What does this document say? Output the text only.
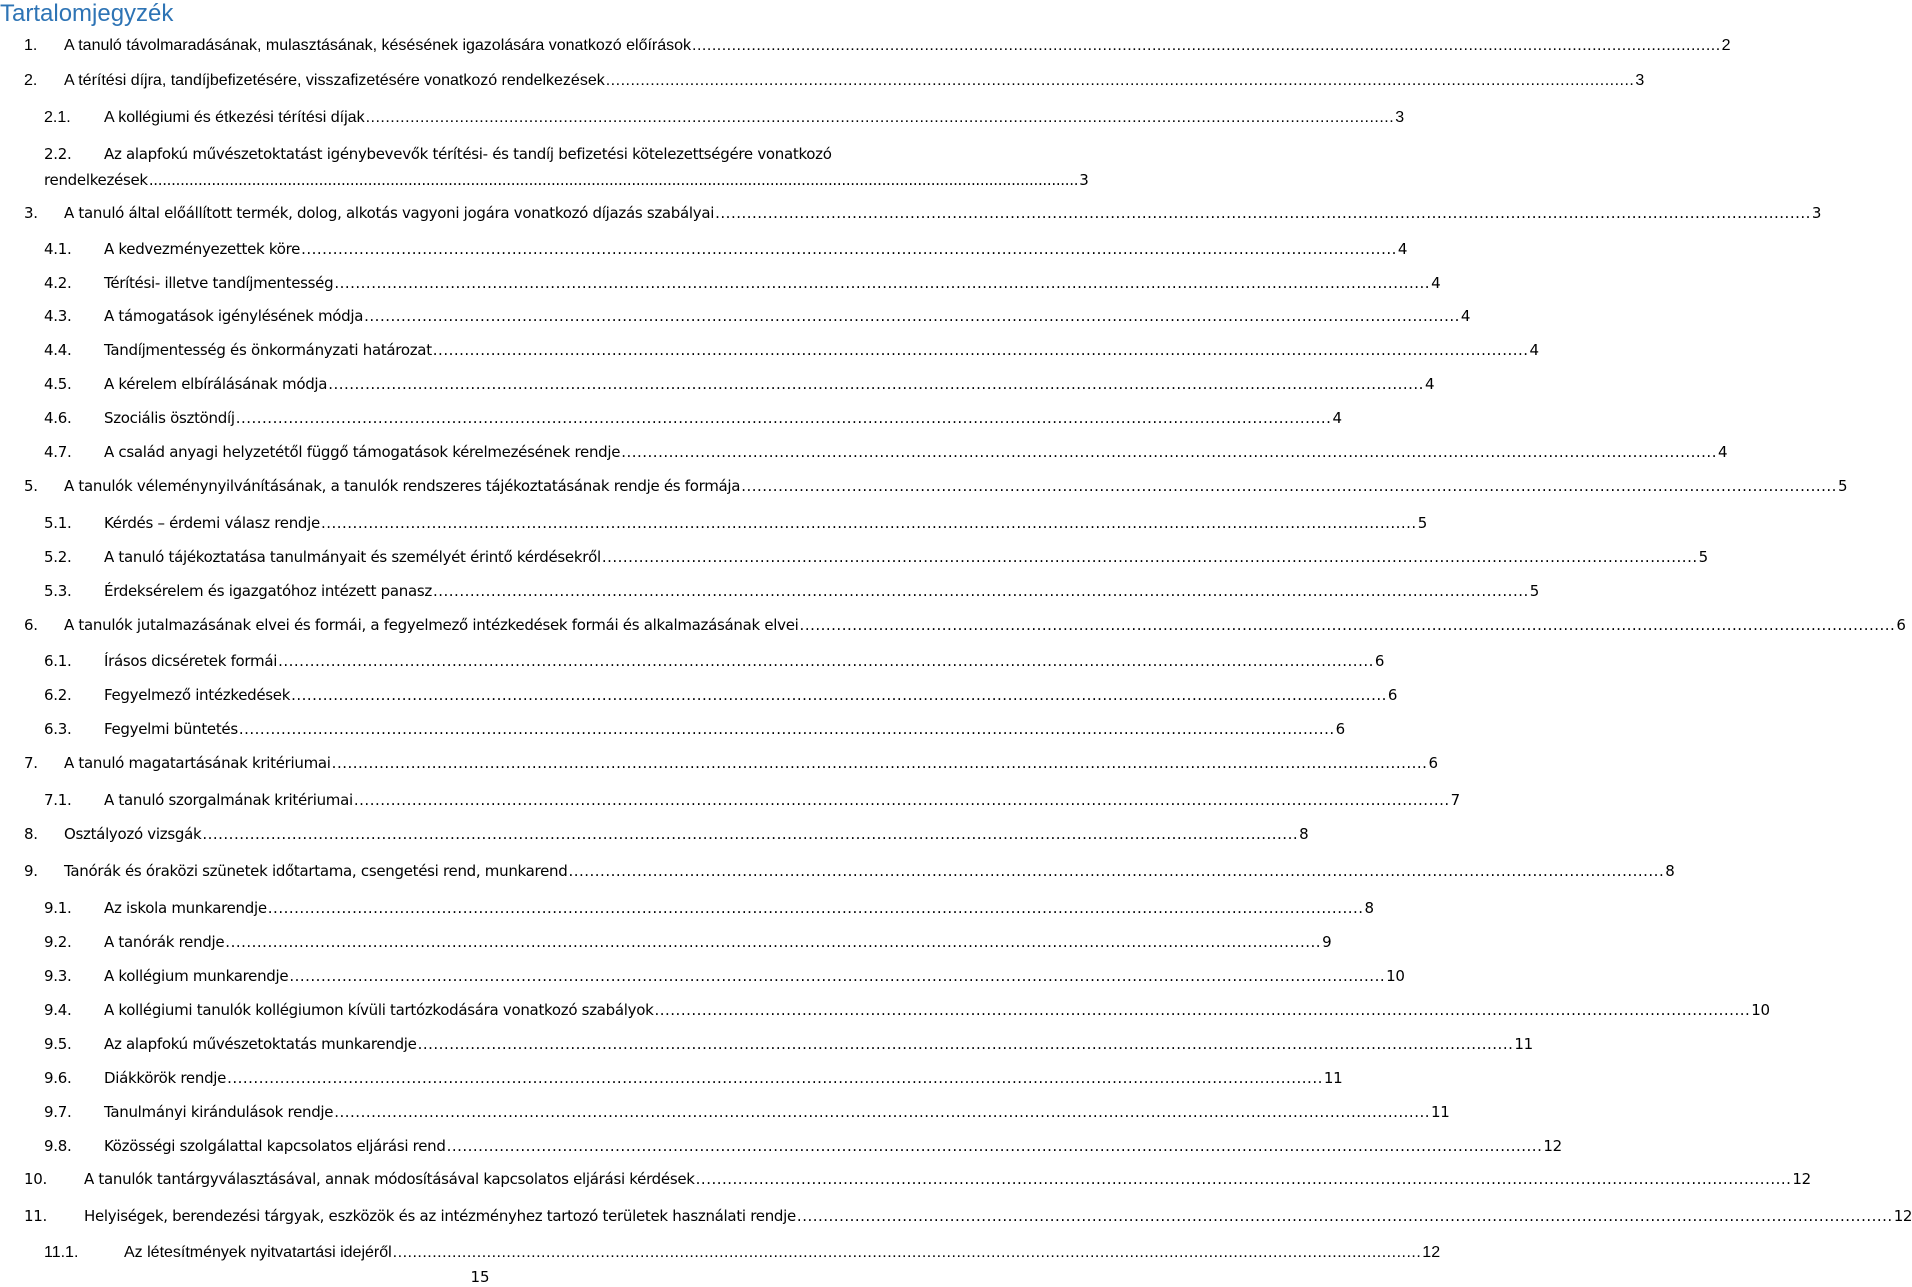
Tartalomjegyzék
1.	A tanuló távolmaradásának, mulasztásának, késésének igazolására vonatkozó előírások ................................................................................................................................................................................................................ 2
2.	A térítési díjra, tandíjbefizetésére, visszafizetésére vonatkozó rendelkezések ................................................................................................................................................................................................................ 3
2.1.	A kollégiumi és étkezési térítési díjak ................................................................................................................................................................................................................ 3
2.2.	Az alapfokú művészetoktatást igénybevevők térítési- és tandíj befizetési kötelezettségére vonatkozó
rendelkezések ................................................................................................................................................................................................................ 3
3.	A tanuló által előállított termék, dolog, alkotás vagyoni jogára vonatkozó díjazás szabályai ................................................................................................................................................................................................................ 3
4.1.	A kedvezményezettek köre ................................................................................................................................................................................................................ 4
4.2.	Térítési- illetve tandíjmentesség ................................................................................................................................................................................................................ 4
4.3.	A támogatások igénylésének módja ................................................................................................................................................................................................................ 4
4.4.	Tandíjmentesség és önkormányzati határozat ................................................................................................................................................................................................................ 4
4.5.	A kérelem elbírálásának módja ................................................................................................................................................................................................................ 4
4.6.	Szociális ösztöndíj ................................................................................................................................................................................................................ 4
4.7.	A család anyagi helyzetétől függő támogatások kérelmezésének rendje ................................................................................................................................................................................................................ 4
5.	A tanulók véleménynyilvánításának, a tanulók rendszeres tájékoztatásának rendje és formája ................................................................................................................................................................................................................ 5
5.1.	Kérdés – érdemi válasz rendje ................................................................................................................................................................................................................ 5
5.2.	A tanuló tájékoztatása tanulmányait és személyét érintő kérdésekről ................................................................................................................................................................................................................ 5
5.3.	Érdeksérelem és igazgatóhoz intézett panasz ................................................................................................................................................................................................................ 5
6.	A tanulók jutalmazásának elvei és formái, a fegyelmező intézkedések formái és alkalmazásának elvei ................................................................................................................................................................................................................ 6
6.1.	Írásos dicséretek formái ................................................................................................................................................................................................................ 6
6.2.	Fegyelmező intézkedések ................................................................................................................................................................................................................ 6
6.3.	Fegyelmi büntetés ................................................................................................................................................................................................................ 6
7.	A tanuló magatartásának kritériumai ................................................................................................................................................................................................................ 6
7.1.	A tanuló szorgalmának kritériumai ................................................................................................................................................................................................................ 7
8.	Osztályozó vizsgák ................................................................................................................................................................................................................ 8
9.	Tanórák és óraközi szünetek időtartama, csengetési rend, munkarend ................................................................................................................................................................................................................ 8
9.1.	Az iskola munkarendje ................................................................................................................................................................................................................ 8
9.2.	A tanórák rendje ................................................................................................................................................................................................................ 9
9.3.	A kollégium munkarendje ................................................................................................................................................................................................................ 10
9.4.	A kollégiumi tanulók kollégiumon kívüli tartózkodására vonatkozó szabályok ................................................................................................................................................................................................................ 10
9.5.	Az alapfokú művészetoktatás munkarendje ................................................................................................................................................................................................................ 11
9.6.	Diákkörök rendje ................................................................................................................................................................................................................ 11
9.7.	Tanulmányi kirándulások rendje ................................................................................................................................................................................................................ 11
9.8.	Közösségi szolgálattal kapcsolatos eljárási rend ................................................................................................................................................................................................................ 12
10.	A tanulók tantárgyválasztásával, annak módosításával kapcsolatos eljárási kérdések ................................................................................................................................................................................................................ 12
11.	Helyiségek, berendezési tárgyak, eszközök és az intézményhez tartozó területek használati rendje ................................................................................................................................................................................................................ 12
11.1.	Az létesítmények nyitvatartási idejéről ................................................................................................................................................................................................................ 12
15
